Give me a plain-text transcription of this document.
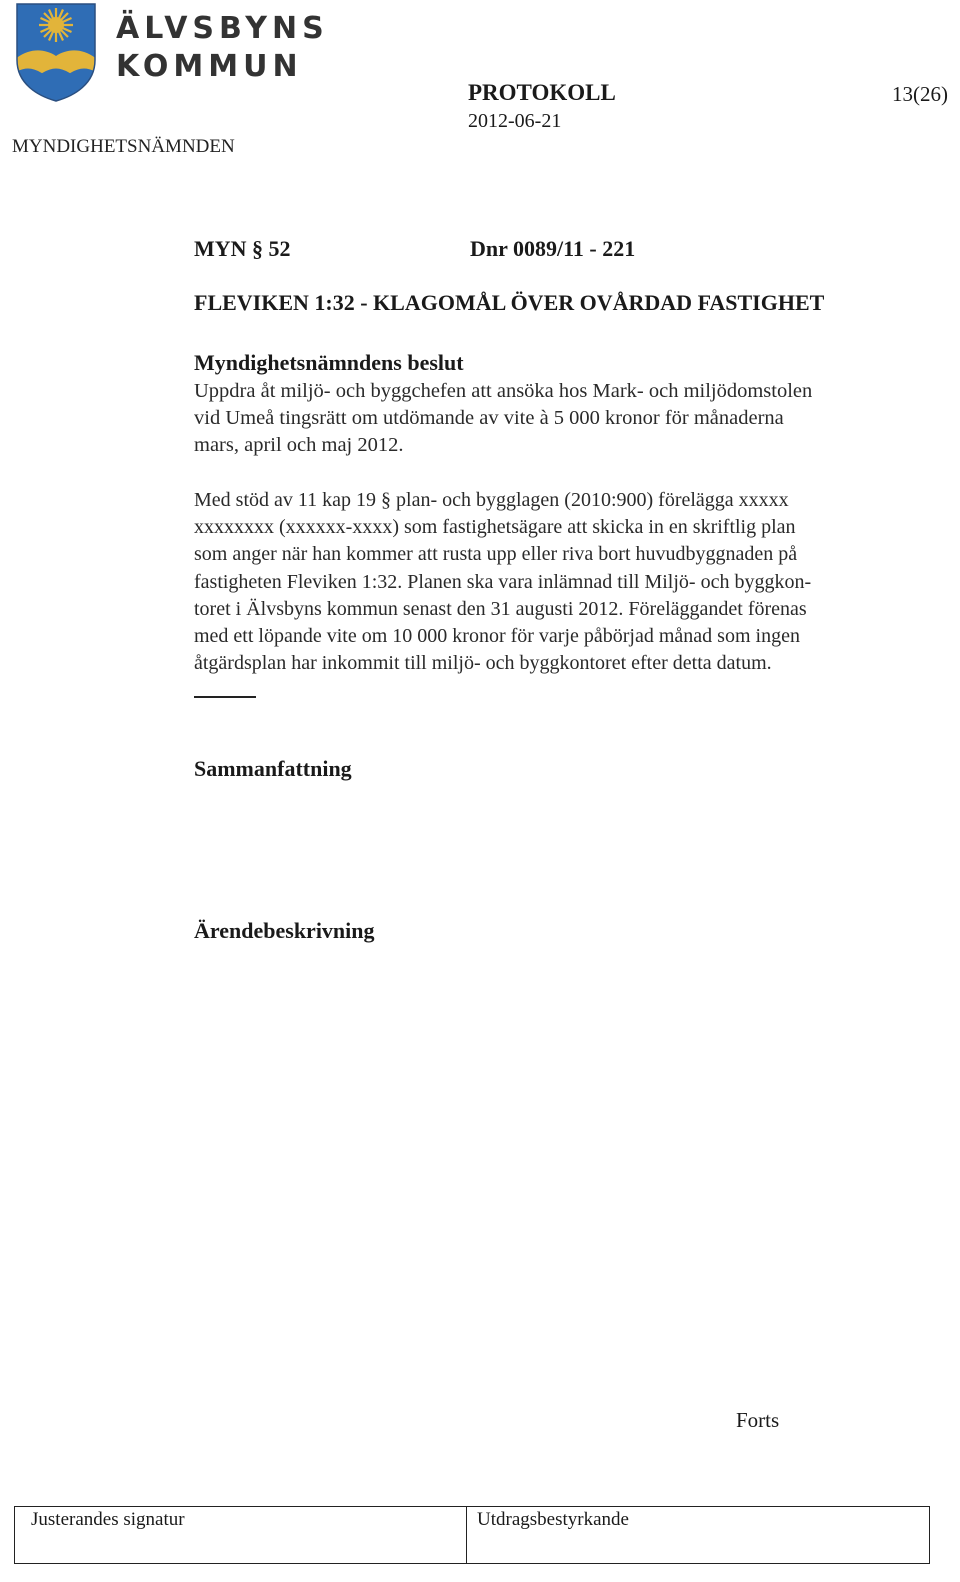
ÄLVSBYNS
KOMMUN
MYNDIGHETSNÄMNDEN
PROTOKOLL
2012-06-21
13(26)
MYN § 52	Dnr 0089/11 - 221
FLEVIKEN 1:32 - KLAGOMÅL ÖVER OVÅRDAD FASTIGHET
Myndighetsnämndens beslut
Uppdra åt miljö- och byggchefen att ansöka hos Mark- och miljödomstolen
vid Umeå tingsrätt om utdömande av vite à 5 000 kronor för månaderna
mars, april och maj 2012.
Med stöd av 11 kap 19 § plan- och bygglagen (2010:900) förelägga xxxxx
xxxxxxxx (xxxxxx-xxxx) som fastighetsägare att skicka in en skriftlig plan
som anger när han kommer att rusta upp eller riva bort huvudbyggnaden på
fastigheten Fleviken 1:32. Planen ska vara inlämnad till Miljö- och byggkon-
toret i Älvsbyns kommun senast den 31 augusti 2012. Föreläggandet förenas
med ett löpande vite om 10 000 kronor för varje påbörjad månad som ingen
åtgärdsplan har inkommit till miljö- och byggkontoret efter detta datum.
Sammanfattning
Ärendebeskrivning
Forts
Justerandes signatur	Utdragsbestyrkande
